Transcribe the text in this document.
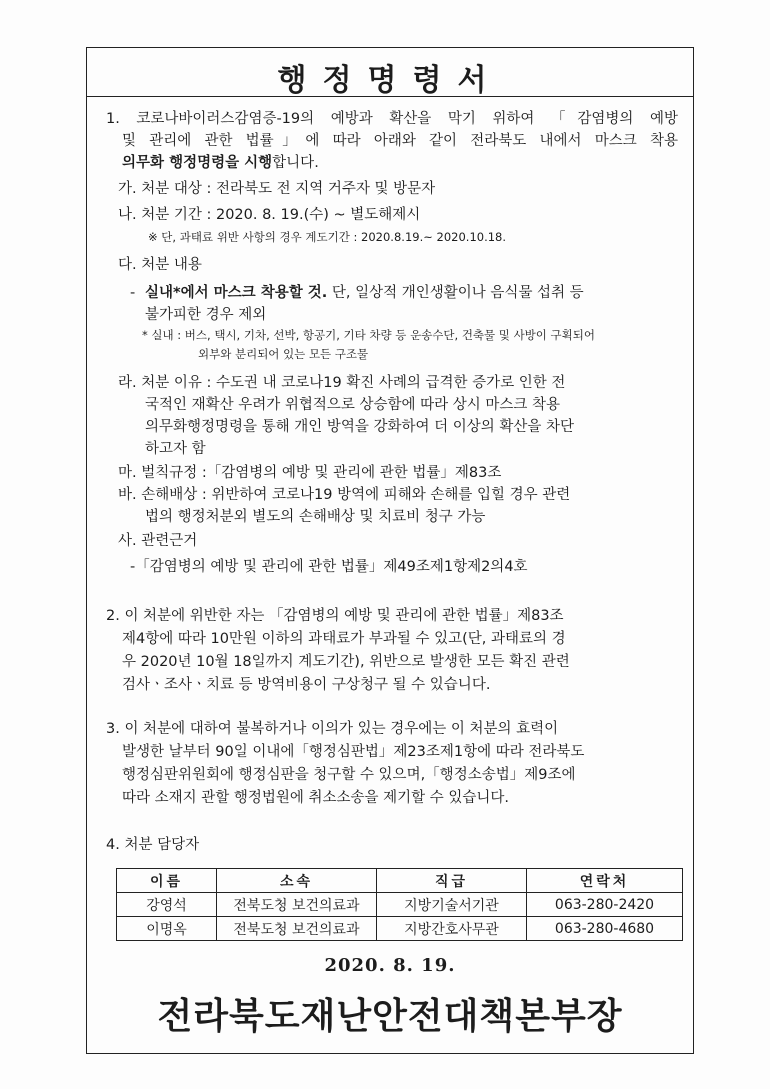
행정명령서
1. 코로나바이러스감염증-19의 예방과 확산을 막기 위하여 「감염병의 예방
및 관리에 관한 법률」에 따라 아래와 같이 전라북도 내에서 마스크 착용
의무화 행정명령을 시행합니다.
가. 처분 대상 : 전라북도 전 지역 거주자 및 방문자
나. 처분 기간 : 2020. 8. 19.(수) ~ 별도해제시
※ 단, 과태료 위반 사항의 경우 계도기간 : 2020.8.19.~ 2020.10.18.
다. 처분 내용
- 실내*에서 마스크 착용할 것. 단, 일상적 개인생활이나 음식물 섭취 등
불가피한 경우 제외
* 실내 : 버스, 택시, 기차, 선박, 항공기, 기타 차량 등 운송수단, 건축물 및 사방이 구획되어
외부와 분리되어 있는 모든 구조물
라. 처분 이유 : 수도권 내 코로나19 확진 사례의 급격한 증가로 인한 전
국적인 재확산 우려가 위협적으로 상승함에 따라 상시 마스크 착용
의무화행정명령을 통해 개인 방역을 강화하여 더 이상의 확산을 차단
하고자 함
마. 벌칙규정 :「감염병의 예방 및 관리에 관한 법률」제83조
바. 손해배상 : 위반하여 코로나19 방역에 피해와 손해를 입힐 경우 관련
법의 행정처분외 별도의 손해배상 및 치료비 청구 가능
사. 관련근거
-「감염병의 예방 및 관리에 관한 법률」제49조제1항제2의4호
2. 이 처분에 위반한 자는 「감염병의 예방 및 관리에 관한 법률」제83조
제4항에 따라 10만원 이하의 과태료가 부과될 수 있고(단, 과태료의 경
우 2020년 10월 18일까지 계도기간), 위반으로 발생한 모든 확진 관련
검사ㆍ조사ㆍ치료 등 방역비용이 구상청구 될 수 있습니다.
3. 이 처분에 대하여 불복하거나 이의가 있는 경우에는 이 처분의 효력이
발생한 날부터 90일 이내에「행정심판법」제23조제1항에 따라 전라북도
행정심판위원회에 행정심판을 청구할 수 있으며,「행정소송법」제9조에
따라 소재지 관할 행정법원에 취소소송을 제기할 수 있습니다.
4. 처분 담당자
이름	소속	직급	연락처
강영석	전북도청 보건의료과	지방기술서기관	063-280-2420
이명옥	전북도청 보건의료과	지방간호사무관	063-280-4680
2020. 8. 19.
전라북도재난안전대책본부장
